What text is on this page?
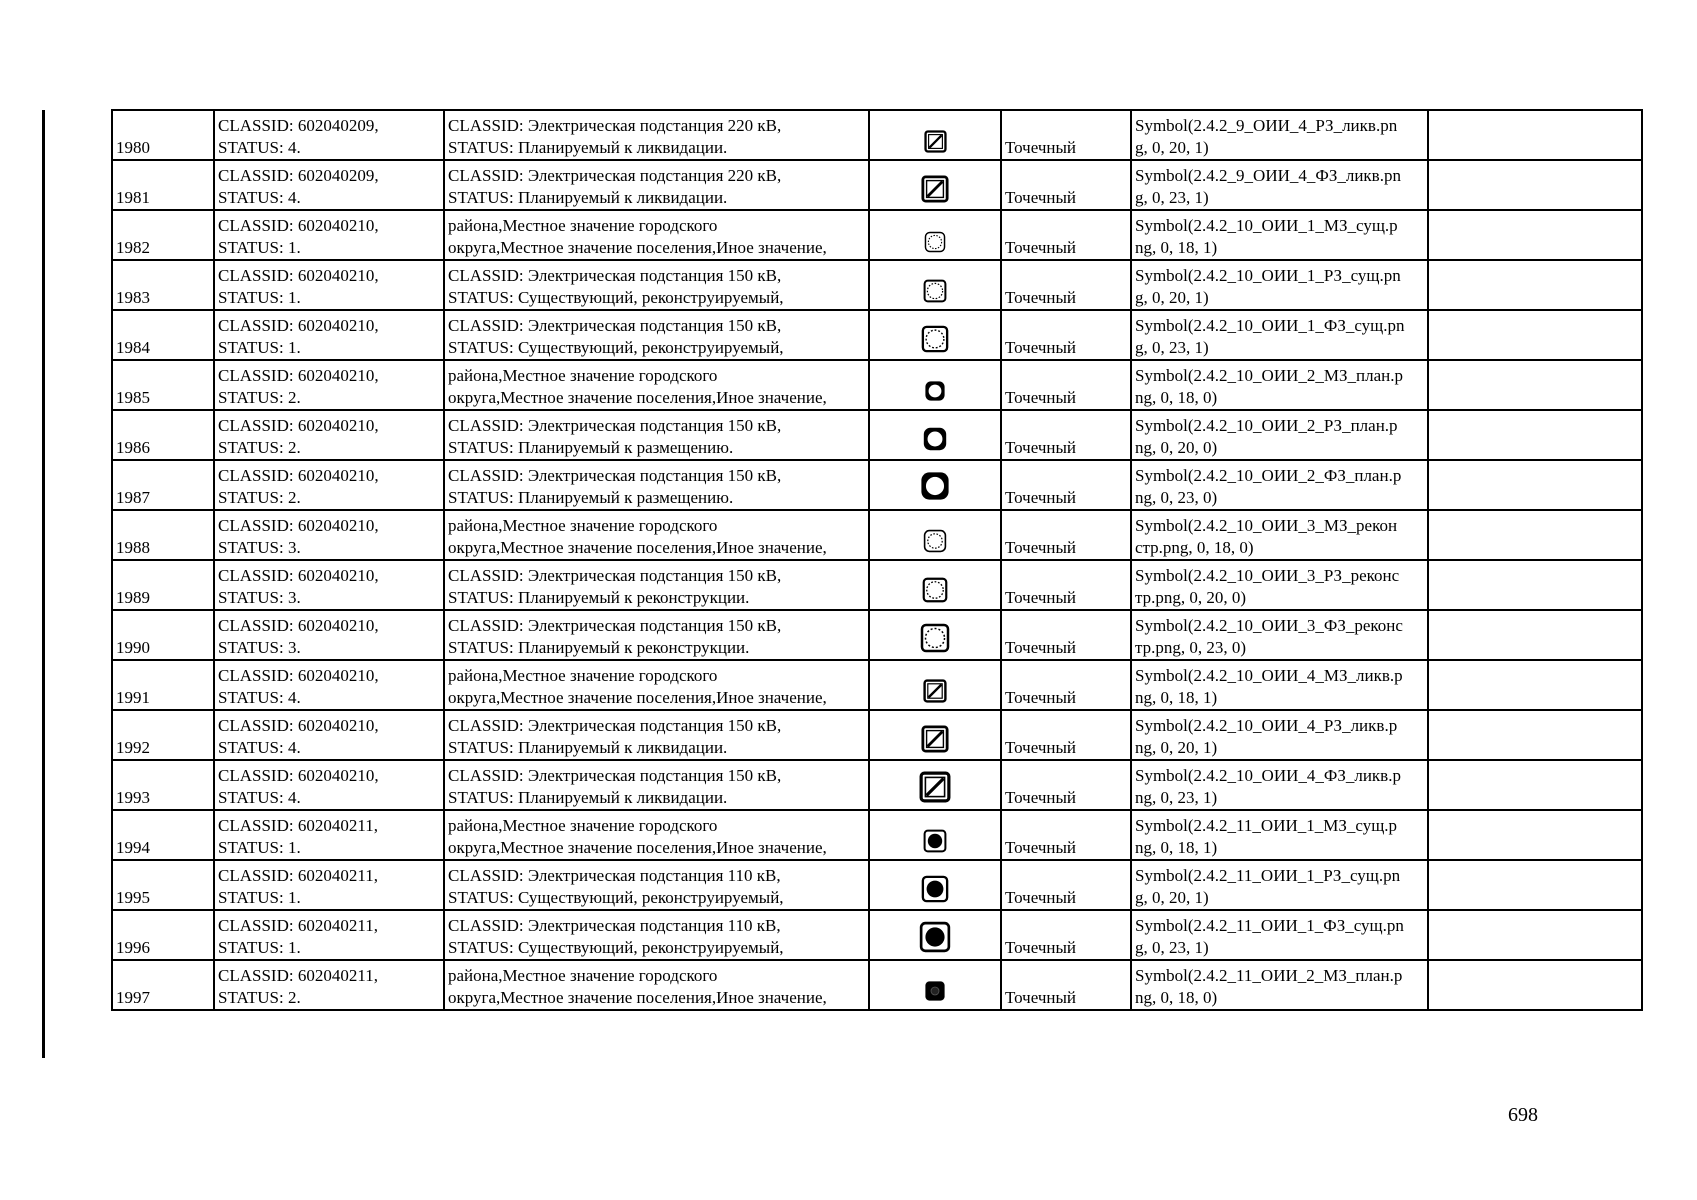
1980	CLASSID: 602040209,
STATUS: 4.	CLASSID: Электрическая подстанция 220 кВ,
STATUS: Планируемый к ликвидации.		Точечный	Symbol(2.4.2_9_ОИИ_4_РЗ_ликв.pn
g, 0, 20, 1)	

1981	CLASSID: 602040209,
STATUS: 4.	CLASSID: Электрическая подстанция 220 кВ,
STATUS: Планируемый к ликвидации.		Точечный	Symbol(2.4.2_9_ОИИ_4_ФЗ_ликв.pn
g, 0, 23, 1)	

1982	CLASSID: 602040210,
STATUS: 1.	района,Местное значение городского
округа,Местное значение поселения,Иное значение,		Точечный	Symbol(2.4.2_10_ОИИ_1_МЗ_сущ.p
ng, 0, 18, 1)	

1983	CLASSID: 602040210,
STATUS: 1.	CLASSID: Электрическая подстанция 150 кВ,
STATUS: Существующий, реконструируемый,		Точечный	Symbol(2.4.2_10_ОИИ_1_РЗ_сущ.pn
g, 0, 20, 1)	

1984	CLASSID: 602040210,
STATUS: 1.	CLASSID: Электрическая подстанция 150 кВ,
STATUS: Существующий, реконструируемый,		Точечный	Symbol(2.4.2_10_ОИИ_1_ФЗ_сущ.pn
g, 0, 23, 1)	

1985	CLASSID: 602040210,
STATUS: 2.	района,Местное значение городского
округа,Местное значение поселения,Иное значение,		Точечный	Symbol(2.4.2_10_ОИИ_2_МЗ_план.p
ng, 0, 18, 0)	

1986	CLASSID: 602040210,
STATUS: 2.	CLASSID: Электрическая подстанция 150 кВ,
STATUS: Планируемый к размещению.		Точечный	Symbol(2.4.2_10_ОИИ_2_РЗ_план.p
ng, 0, 20, 0)	

1987	CLASSID: 602040210,
STATUS: 2.	CLASSID: Электрическая подстанция 150 кВ,
STATUS: Планируемый к размещению.		Точечный	Symbol(2.4.2_10_ОИИ_2_ФЗ_план.p
ng, 0, 23, 0)	

1988	CLASSID: 602040210,
STATUS: 3.	района,Местное значение городского
округа,Местное значение поселения,Иное значение,		Точечный	Symbol(2.4.2_10_ОИИ_3_МЗ_рекон
стр.png, 0, 18, 0)	

1989	CLASSID: 602040210,
STATUS: 3.	CLASSID: Электрическая подстанция 150 кВ,
STATUS: Планируемый к реконструкции.		Точечный	Symbol(2.4.2_10_ОИИ_3_РЗ_реконс
тр.png, 0, 20, 0)	

1990	CLASSID: 602040210,
STATUS: 3.	CLASSID: Электрическая подстанция 150 кВ,
STATUS: Планируемый к реконструкции.		Точечный	Symbol(2.4.2_10_ОИИ_3_ФЗ_реконс
тр.png, 0, 23, 0)	

1991	CLASSID: 602040210,
STATUS: 4.	района,Местное значение городского
округа,Местное значение поселения,Иное значение,		Точечный	Symbol(2.4.2_10_ОИИ_4_МЗ_ликв.p
ng, 0, 18, 1)	

1992	CLASSID: 602040210,
STATUS: 4.	CLASSID: Электрическая подстанция 150 кВ,
STATUS: Планируемый к ликвидации.		Точечный	Symbol(2.4.2_10_ОИИ_4_РЗ_ликв.p
ng, 0, 20, 1)	

1993	CLASSID: 602040210,
STATUS: 4.	CLASSID: Электрическая подстанция 150 кВ,
STATUS: Планируемый к ликвидации.		Точечный	Symbol(2.4.2_10_ОИИ_4_ФЗ_ликв.p
ng, 0, 23, 1)	

1994	CLASSID: 602040211,
STATUS: 1.	района,Местное значение городского
округа,Местное значение поселения,Иное значение,		Точечный	Symbol(2.4.2_11_ОИИ_1_МЗ_сущ.p
ng, 0, 18, 1)	

1995	CLASSID: 602040211,
STATUS: 1.	CLASSID: Электрическая подстанция 110 кВ,
STATUS: Существующий, реконструируемый,		Точечный	Symbol(2.4.2_11_ОИИ_1_РЗ_сущ.pn
g, 0, 20, 1)	

1996	CLASSID: 602040211,
STATUS: 1.	CLASSID: Электрическая подстанция 110 кВ,
STATUS: Существующий, реконструируемый,		Точечный	Symbol(2.4.2_11_ОИИ_1_ФЗ_сущ.pn
g, 0, 23, 1)	

1997	CLASSID: 602040211,
STATUS: 2.	района,Местное значение городского
округа,Местное значение поселения,Иное значение,		Точечный	Symbol(2.4.2_11_ОИИ_2_МЗ_план.p
ng, 0, 18, 0)	

698
